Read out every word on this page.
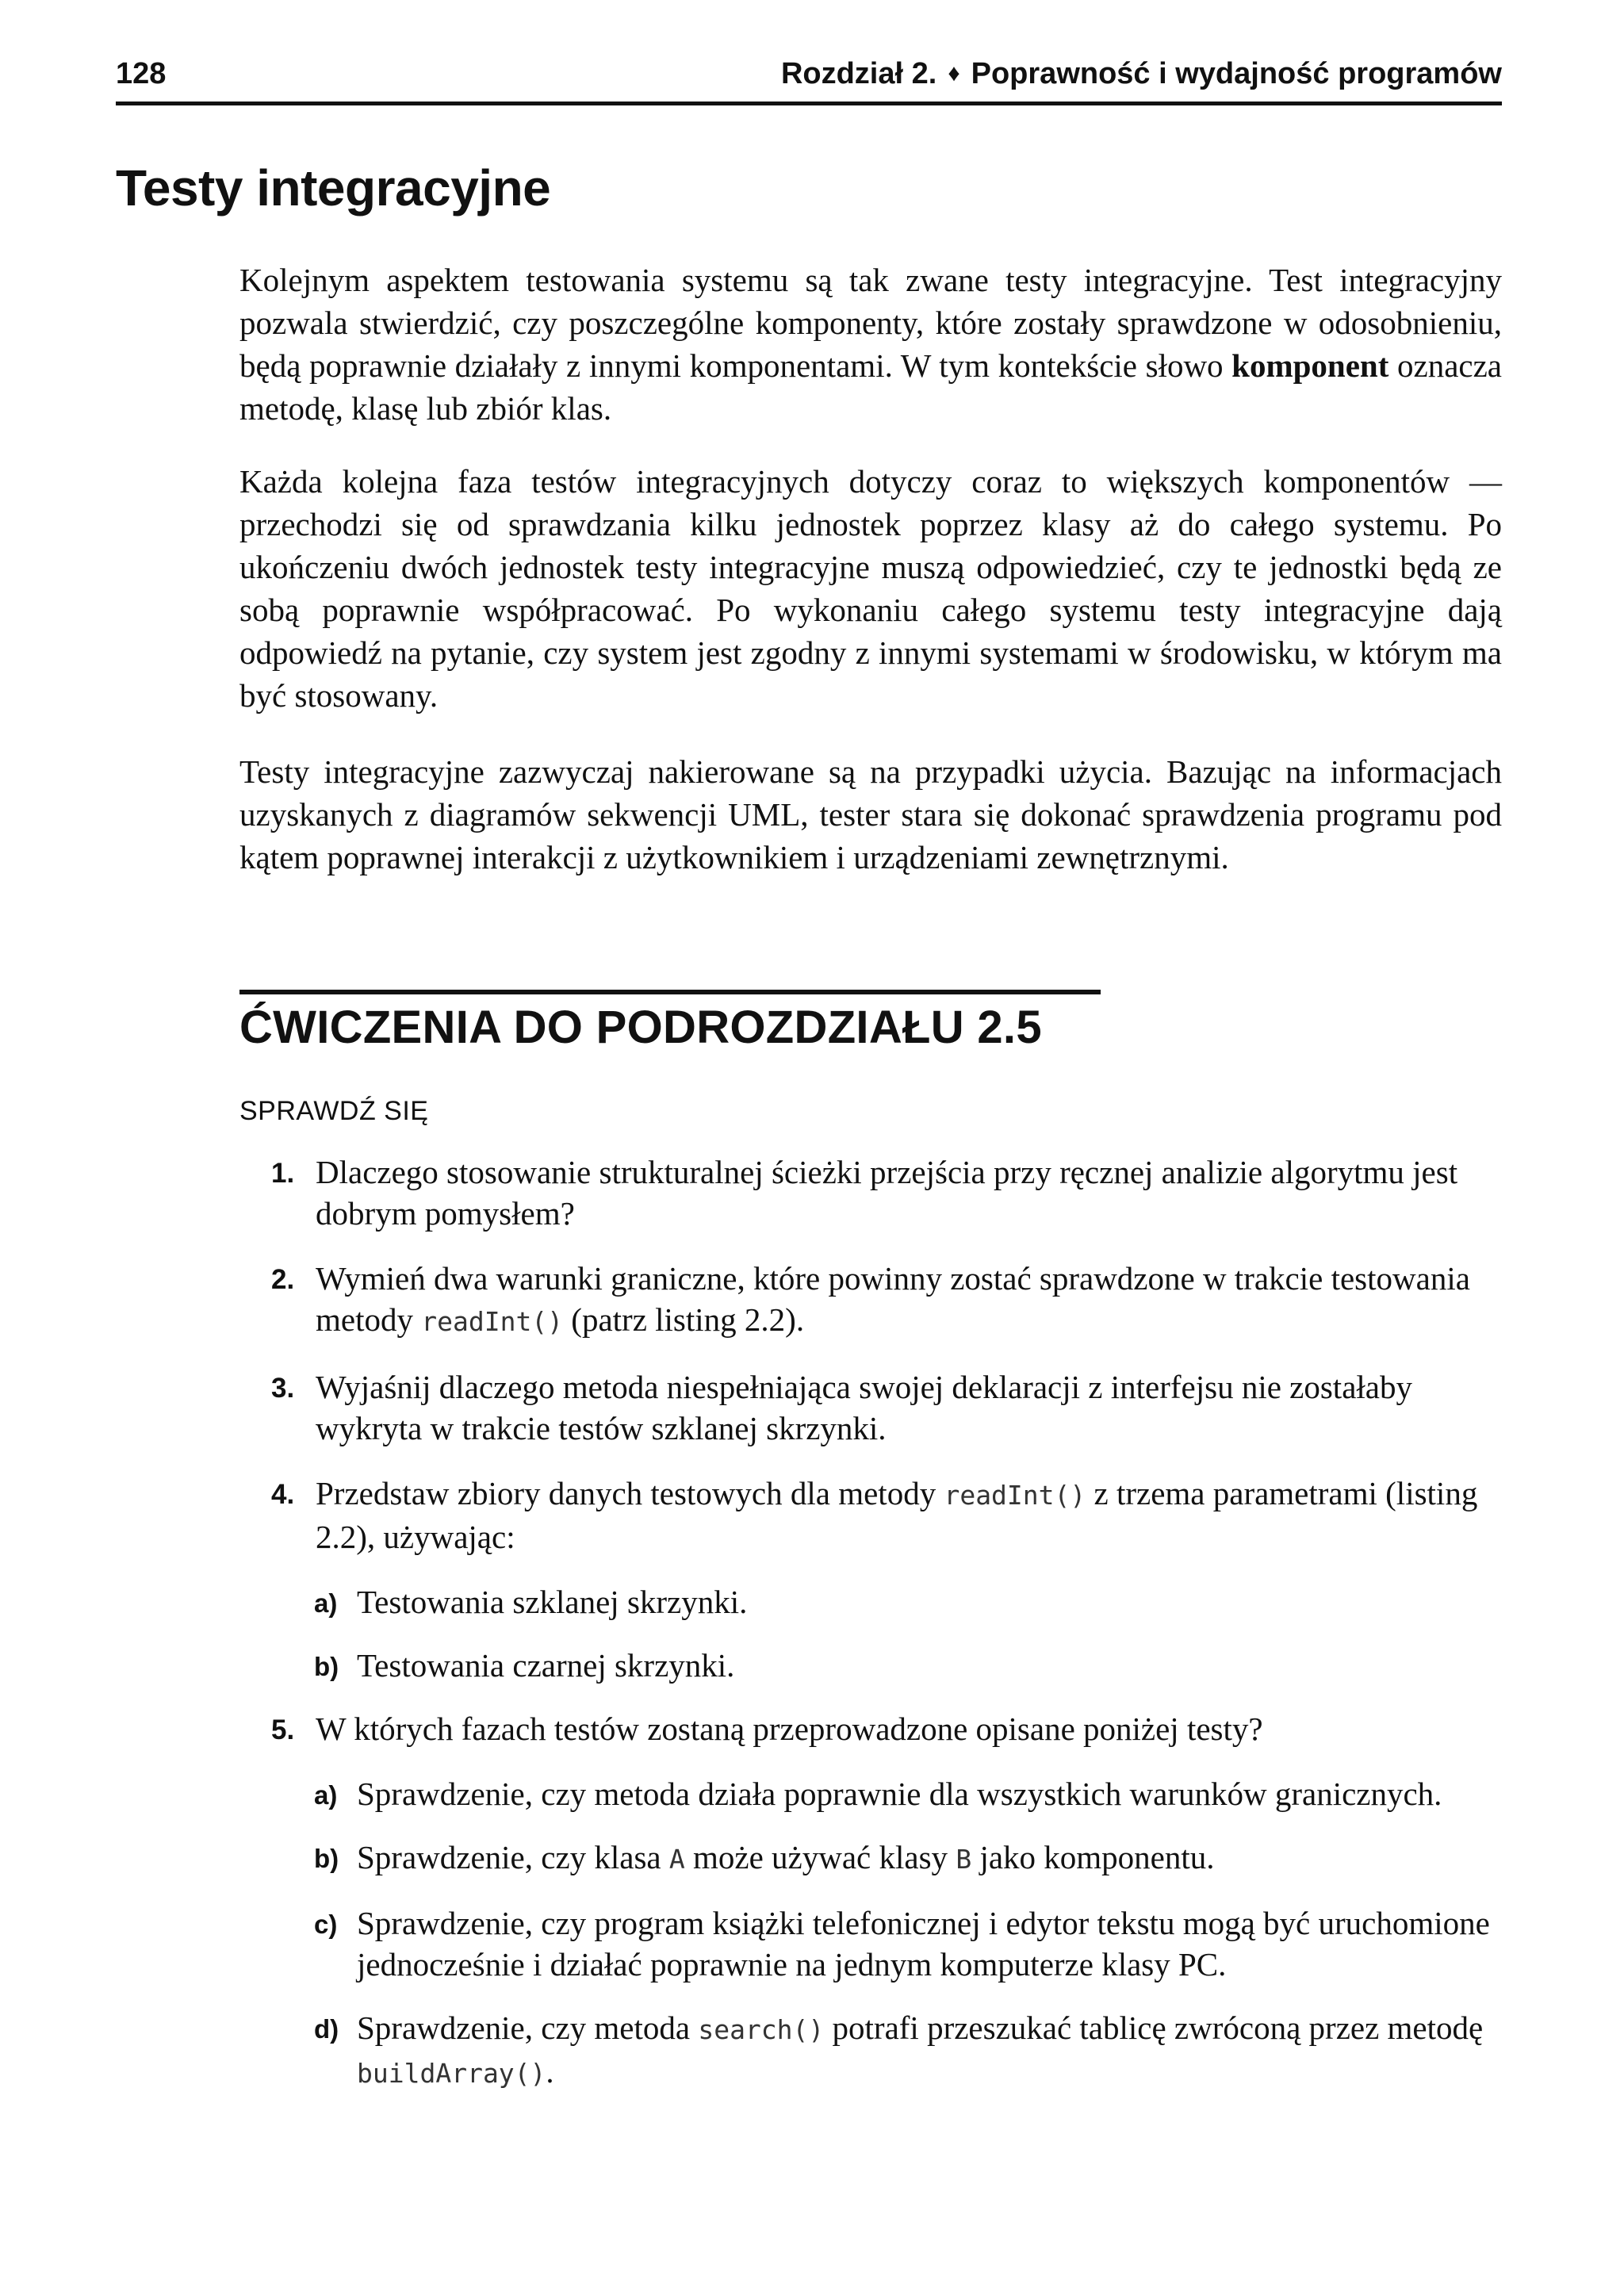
128	Rozdział 2. ♦ Poprawność i wydajność programów
Testy integracyjne

Kolejnym aspektem testowania systemu są tak zwane testy integracyjne. Test integracyjny pozwala stwierdzić, czy poszczególne komponenty, które zostały sprawdzone w odosobnieniu, będą poprawnie działały z innymi komponentami. W tym kontekście słowo komponent oznacza metodę, klasę lub zbiór klas.

Każda kolejna faza testów integracyjnych dotyczy coraz to większych komponentów — przechodzi się od sprawdzania kilku jednostek poprzez klasy aż do całego systemu. Po ukończeniu dwóch jednostek testy integracyjne muszą odpowiedzieć, czy te jednostki będą ze sobą poprawnie współpracować. Po wykonaniu całego systemu testy integracyjne dają odpowiedź na pytanie, czy system jest zgodny z innymi systemami w środowisku, w którym ma być stosowany.

Testy integracyjne zazwyczaj nakierowane są na przypadki użycia. Bazując na informacjach uzyskanych z diagramów sekwencji UML, tester stara się dokonać sprawdzenia programu pod kątem poprawnej interakcji z użytkownikiem i urządzeniami zewnętrznymi.

ĆWICZENIA DO PODROZDZIAŁU 2.5
SPRAWDŹ SIĘ
1. Dlaczego stosowanie strukturalnej ścieżki przejścia przy ręcznej analizie algorytmu jest dobrym pomysłem?
2. Wymień dwa warunki graniczne, które powinny zostać sprawdzone w trakcie testowania metody readInt() (patrz listing 2.2).
3. Wyjaśnij dlaczego metoda niespełniająca swojej deklaracji z interfejsu nie zostałaby wykryta w trakcie testów szklanej skrzynki.
4. Przedstaw zbiory danych testowych dla metody readInt() z trzema parametrami (listing 2.2), używając:
a) Testowania szklanej skrzynki.
b) Testowania czarnej skrzynki.
5. W których fazach testów zostaną przeprowadzone opisane poniżej testy?
a) Sprawdzenie, czy metoda działa poprawnie dla wszystkich warunków granicznych.
b) Sprawdzenie, czy klasa A może używać klasy B jako komponentu.
c) Sprawdzenie, czy program książki telefonicznej i edytor tekstu mogą być uruchomione jednocześnie i działać poprawnie na jednym komputerze klasy PC.
d) Sprawdzenie, czy metoda search() potrafi przeszukać tablicę zwróconą przez metodę buildArray().
